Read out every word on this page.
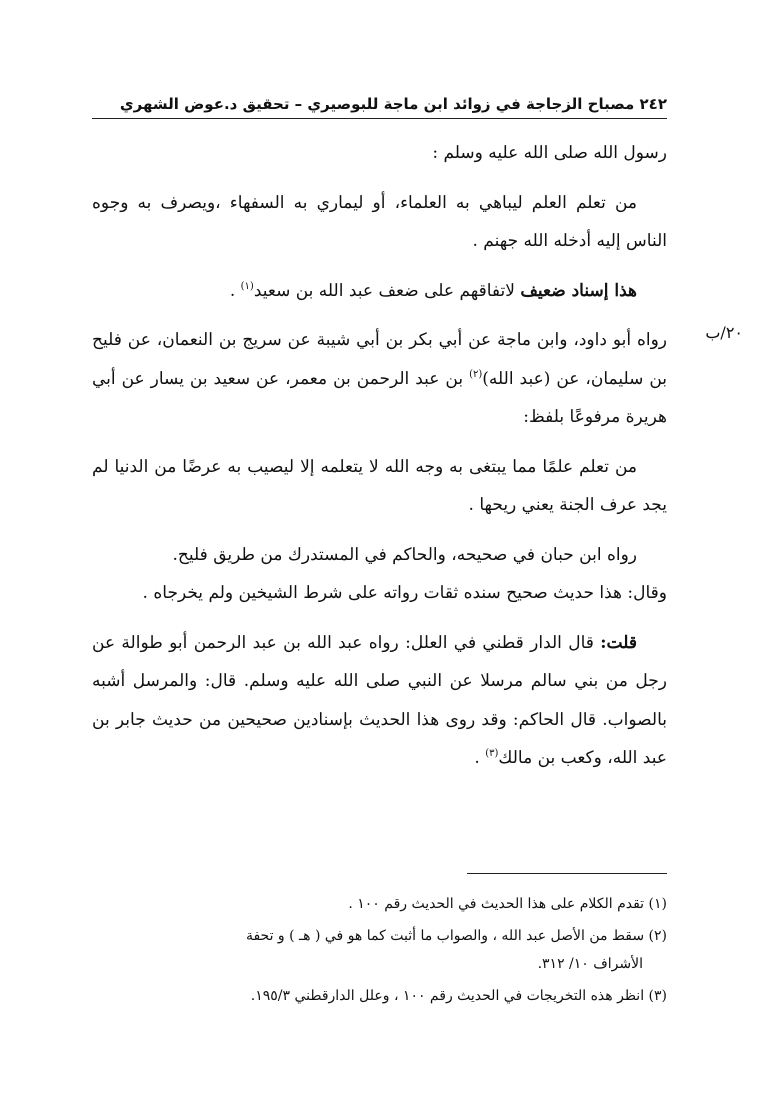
٢٤٢ مصباح الزجاجة في زوائد ابن ماجة للبوصيري – تحقيق د.عوض الشهري
٢٠/ب

رسول الله صلى الله عليه وسلم :

من تعلم العلم ليباهي به العلماء، أو ليماري به السفهاء ،ويصرف به وجوه الناس إليه أدخله الله جهنم .

هذا إسناد ضعيف لاتفاقهم على ضعف عبد الله بن سعيد$^{(١)}$ .

رواه أبو داود، وابن ماجة عن أبي بكر بن أبي شيبة عن سريج بن النعمان، عن فليح بن سليمان، عن (عبد الله)$^{(٢)}$ بن عبد الرحمن بن معمر، عن سعيد بن يسار عن أبي هريرة مرفوعًا بلفظ:

من تعلم علمًا مما يبتغى به وجه الله لا يتعلمه إلا ليصيب به عرضًا من الدنيا لم يجد عرف الجنة يعني ريحها .

رواه ابن حبان في صحيحه، والحاكم في المستدرك من طريق فليح.

وقال: هذا حديث صحيح سنده ثقات رواته على شرط الشيخين ولم يخرجاه .

قلت: قال الدار قطني في العلل: رواه عبد الله بن عبد الرحمن أبو طوالة عن رجل من بني سالم مرسلا عن النبي صلى الله عليه وسلم. قال: والمرسل أشبه بالصواب. قال الحاكم: وقد روى هذا الحديث بإسنادين صحيحين من حديث جابر بن عبد الله، وكعب بن مالك$^{(٣)}$ .

(١) تقدم الكلام على هذا الحديث في الحديث رقم ١٠٠ .

(٢) سقط من الأصل عبد الله ، والصواب ما أثبت كما هو في ( هـ ) و تحفة
الأشراف ١٠/ ٣١٢.

(٣) انظر هذه التخريجات في الحديث رقم ١٠٠ ، وعلل الدارقطني ١٩٥/٣.
